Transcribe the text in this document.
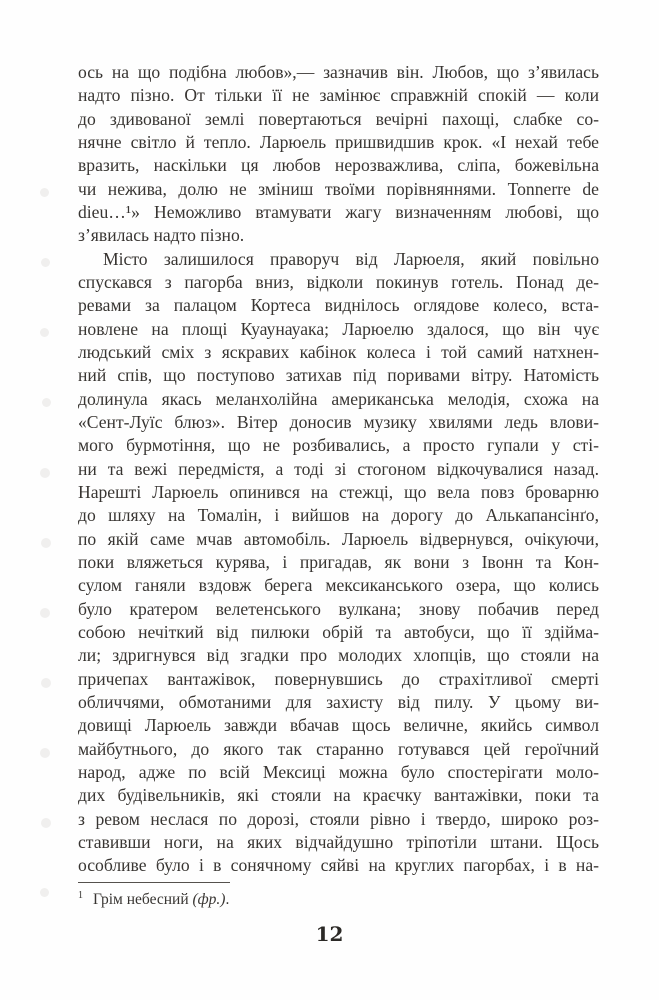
ось на що подібна любов»,— зазначив він. Любов, що з’явилась
надто пізно. От тільки її не замінює справжній спокій — коли
до здивованої землі повертаються вечірні пахощі, слабке со-
нячне світло й тепло. Ларюель пришвидшив крок. «І нехай тебе
вразить, наскільки ця любов нерозважлива, сліпа, божевільна
чи нежива, долю не зміниш твоїми порівняннями. Tonnerre de
dieu…¹» Неможливо втамувати жагу визначенням любові, що
з’явилась надто пізно.
Місто залишилося праворуч від Ларюеля, який повільно
спускався з пагорба вниз, відколи покинув готель. Понад де-
ревами за палацом Кортеса виднілось оглядове колесо, вста-
новлене на площі Куаунауака; Ларюелю здалося, що він чує
людський сміх з яскравих кабінок колеса і той самий натхнен-
ний спів, що поступово затихав під поривами вітру. Натомість
долинула якась меланхолійна американська мелодія, схожа на
«Сент-Луїс блюз». Вітер доносив музику хвилями ледь влови-
мого бурмотіння, що не розбивались, а просто гупали у сті-
ни та вежі передмістя, а тоді зі стогоном відкочувалися назад.
Нарешті Ларюель опинився на стежці, що вела повз броварню
до шляху на Томалін, і вийшов на дорогу до Алькапансінґо,
по якій саме мчав автомобіль. Ларюель відвернувся, очікуючи,
поки вляжеться курява, і пригадав, як вони з Івонн та Кон-
сулом ганяли вздовж берега мексиканського озера, що колись
було кратером велетенського вулкана; знову побачив перед
собою нечіткий від пилюки обрій та автобуси, що її здійма-
ли; здригнувся від згадки про молодих хлопців, що стояли на
причепах вантажівок, повернувшись до страхітливої смерті
обличчями, обмотаними для захисту від пилу. У цьому ви-
довищі Ларюель завжди вбачав щось величне, якийсь символ
майбутнього, до якого так старанно готувався цей героїчний
народ, адже по всій Мексиці можна було спостерігати моло-
дих будівельників, які стояли на краєчку вантажівки, поки та
з ревом неслася по дорозі, стояли рівно і твердо, широко роз-
ставивши ноги, на яких відчайдушно тріпотіли штани. Щось
особливе було і в сонячному сяйві на круглих пагорбах, і в на-
$^1$ Грім небесний (фр.).
12
